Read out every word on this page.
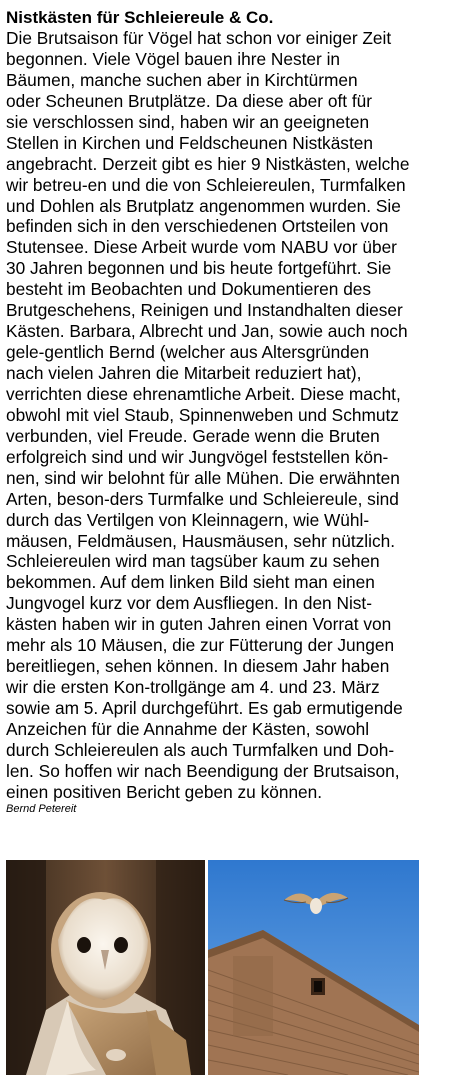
Nistkästen für Schleiereule & Co.
Die Brutsaison für Vögel hat schon vor einiger Zeit
begonnen. Viele Vögel bauen ihre Nester in
Bäumen, manche suchen aber in Kirchtürmen
oder Scheunen Brutplätze. Da diese aber oft für
sie verschlossen sind, haben wir an geeigneten
Stellen in Kirchen und Feldscheunen Nistkästen
angebracht. Derzeit gibt es hier 9 Nistkästen, welche
wir betreu-en und die von Schleiereulen, Turmfalken
und Dohlen als Brutplatz angenommen wurden. Sie
befinden sich in den verschiedenen Ortsteilen von
Stutensee. Diese Arbeit wurde vom NABU vor über
30 Jahren begonnen und bis heute fortgeführt. Sie
besteht im Beobachten und Dokumentieren des
Brutgeschehens, Reinigen und Instandhalten dieser
Kästen. Barbara, Albrecht und Jan, sowie auch noch
gele-gentlich Bernd (welcher aus Altersgründen
nach vielen Jahren die Mitarbeit reduziert hat),
verrichten diese ehrenamtliche Arbeit. Diese macht,
obwohl mit viel Staub, Spinnenweben und Schmutz
verbunden, viel Freude. Gerade wenn die Bruten
erfolgreich sind und wir Jungvögel feststellen kön-
nen, sind wir belohnt für alle Mühen. Die erwähnten
Arten, beson-ders Turmfalke und Schleiereule, sind
durch das Vertilgen von Kleinnagern, wie Wühl-
mäusen, Feldmäusen, Hausmäusen, sehr nützlich.
Schleiereulen wird man tagsüber kaum zu sehen
bekommen. Auf dem linken Bild sieht man einen
Jungvogel kurz vor dem Ausfliegen. In den Nist-
kästen haben wir in guten Jahren einen Vorrat von
mehr als 10 Mäusen, die zur Fütterung der Jungen
bereitliegen, sehen können. In diesem Jahr haben
wir die ersten Kon-trollgänge am 4. und 23. März
sowie am 5. April durchgeführt. Es gab ermutigende
Anzeichen für die Annahme der Kästen, sowohl
durch Schleiereulen als auch Turmfalken und Doh-
len. So hoffen wir nach Beendigung der Brutsaison,
einen positiven Bericht geben zu können.
Bernd Petereit
